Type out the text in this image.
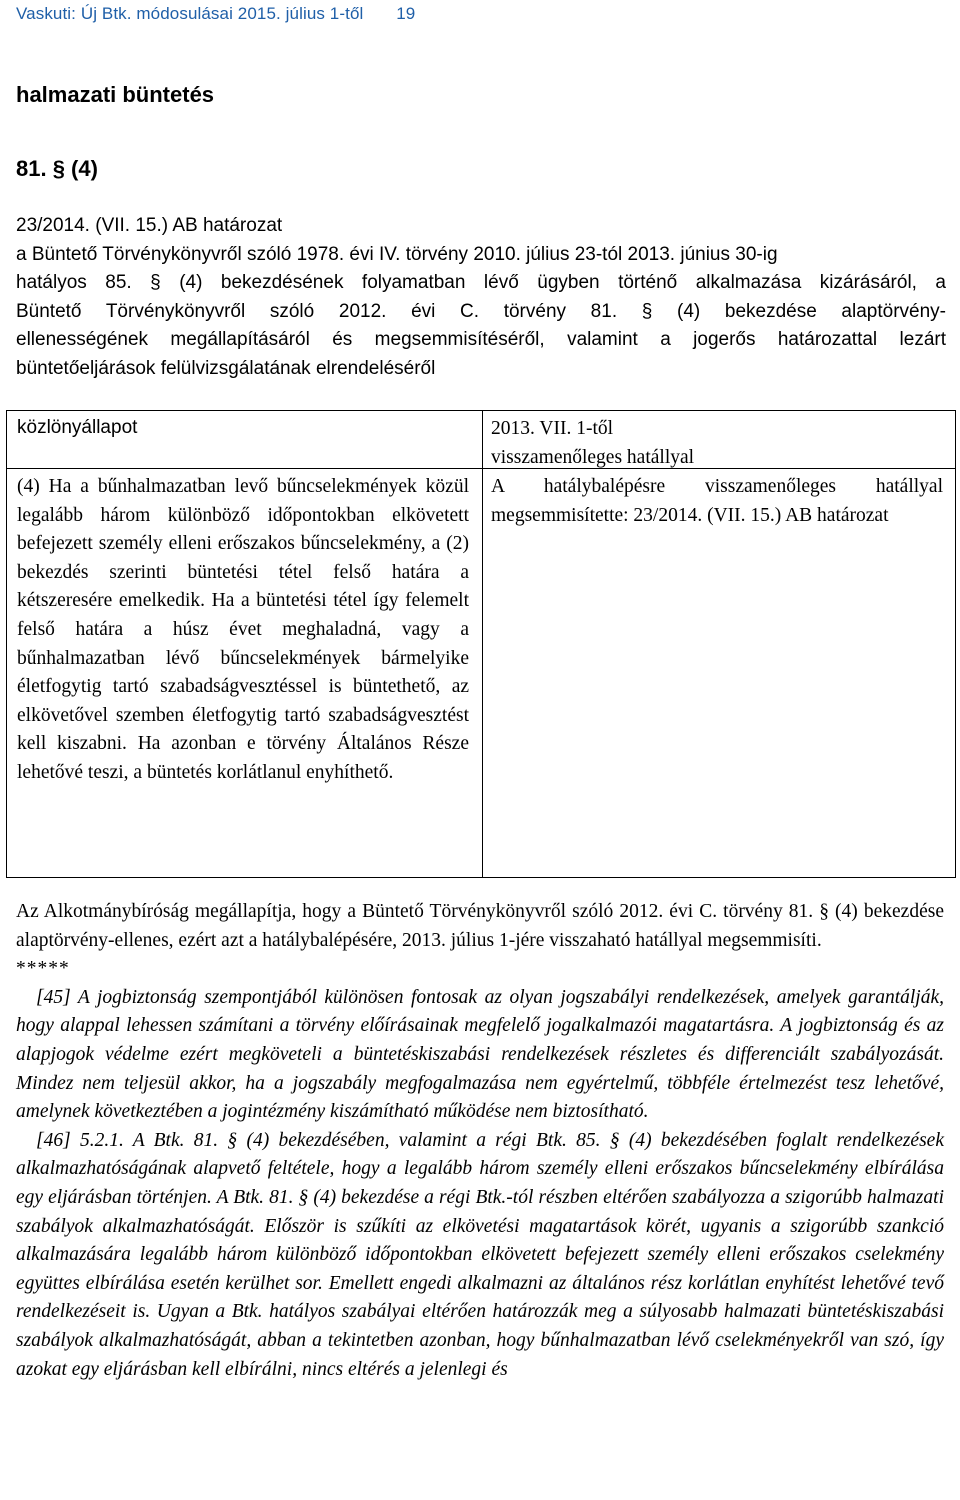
Vaskuti: Új Btk. módosulásai 2015. július 1-től 19
halmazati büntetés
81. § (4)
23/2014. (VII. 15.) AB határozat
a Büntető Törvénykönyvről szóló 1978. évi IV. törvény 2010. július 23-tól 2013. június 30-ig
hatályos 85. § (4) bekezdésének folyamatban lévő ügyben történő alkalmazása kizárásáról, a
Büntető Törvénykönyvről szóló 2012. évi C. törvény 81. § (4) bekezdése alaptörvény-
ellenességének megállapításáról és megsemmisítéséről, valamint a jogerős határozattal lezárt
büntetőeljárások felülvizsgálatának elrendeléséről
közlönyállapot	2013. VII. 1-től
visszamenőleges hatállyal
(4) Ha a bűnhalmazatban levő bűncselekmények közül legalább három különböző időpontokban elkövetett befejezett személy elleni erőszakos bűncselekmény, a (2) bekezdés szerinti büntetési tétel felső határa a kétszeresére emelkedik. Ha a büntetési tétel így felemelt felső határa a húsz évet meghaladná, vagy a bűnhalmazatban lévő bűncselekmények bármelyike életfogytig tartó szabadságvesztéssel is büntethető, az elkövetővel szemben életfogytig tartó szabadságvesztést kell kiszabni. Ha azonban e törvény Általános Része lehetővé teszi, a büntetés korlátlanul enyhíthető.
A hatálybalépésre visszamenőleges hatállyal megsemmisítette: 23/2014. (VII. 15.) AB határozat

Az Alkotmánybíróság megállapítja, hogy a Büntető Törvénykönyvről szóló 2012. évi C. törvény 81. § (4) bekezdése alaptörvény-ellenes, ezért azt a hatálybalépésére, 2013. július 1-jére visszaható hatállyal megsemmisíti.

*****

[45] A jogbiztonság szempontjából különösen fontosak az olyan jogszabályi rendelkezések, amelyek garantálják, hogy alappal lehessen számítani a törvény előírásainak megfelelő jogalkalmazói magatartásra. A jogbiztonság és az alapjogok védelme ezért megköveteli a büntetéskiszabási rendelkezések részletes és differenciált szabályozását. Mindez nem teljesül akkor, ha a jogszabály megfogalmazása nem egyértelmű, többféle értelmezést tesz lehetővé, amelynek következtében a jogintézmény kiszámítható működése nem biztosítható.

[46] 5.2.1. A Btk. 81. § (4) bekezdésében, valamint a régi Btk. 85. § (4) bekezdésében foglalt rendelkezések alkalmazhatóságának alapvető feltétele, hogy a legalább három személy elleni erőszakos bűncselekmény elbírálása egy eljárásban történjen. A Btk. 81. § (4) bekezdése a régi Btk.-tól részben eltérően szabályozza a szigorúbb halmazati szabályok alkalmazhatóságát. Először is szűkíti az elkövetési magatartások körét, ugyanis a szigorúbb szankció alkalmazására legalább három különböző időpontokban elkövetett befejezett személy elleni erőszakos cselekmény együttes elbírálása esetén kerülhet sor. Emellett engedi alkalmazni az általános rész korlátlan enyhítést lehetővé tevő rendelkezéseit is. Ugyan a Btk. hatályos szabályai eltérően határozzák meg a súlyosabb halmazati büntetéskiszabási szabályok alkalmazhatóságát, abban a tekintetben azonban, hogy bűnhalmazatban lévő cselekményekről van szó, így azokat egy eljárásban kell elbírálni, nincs eltérés a jelenlegi és
